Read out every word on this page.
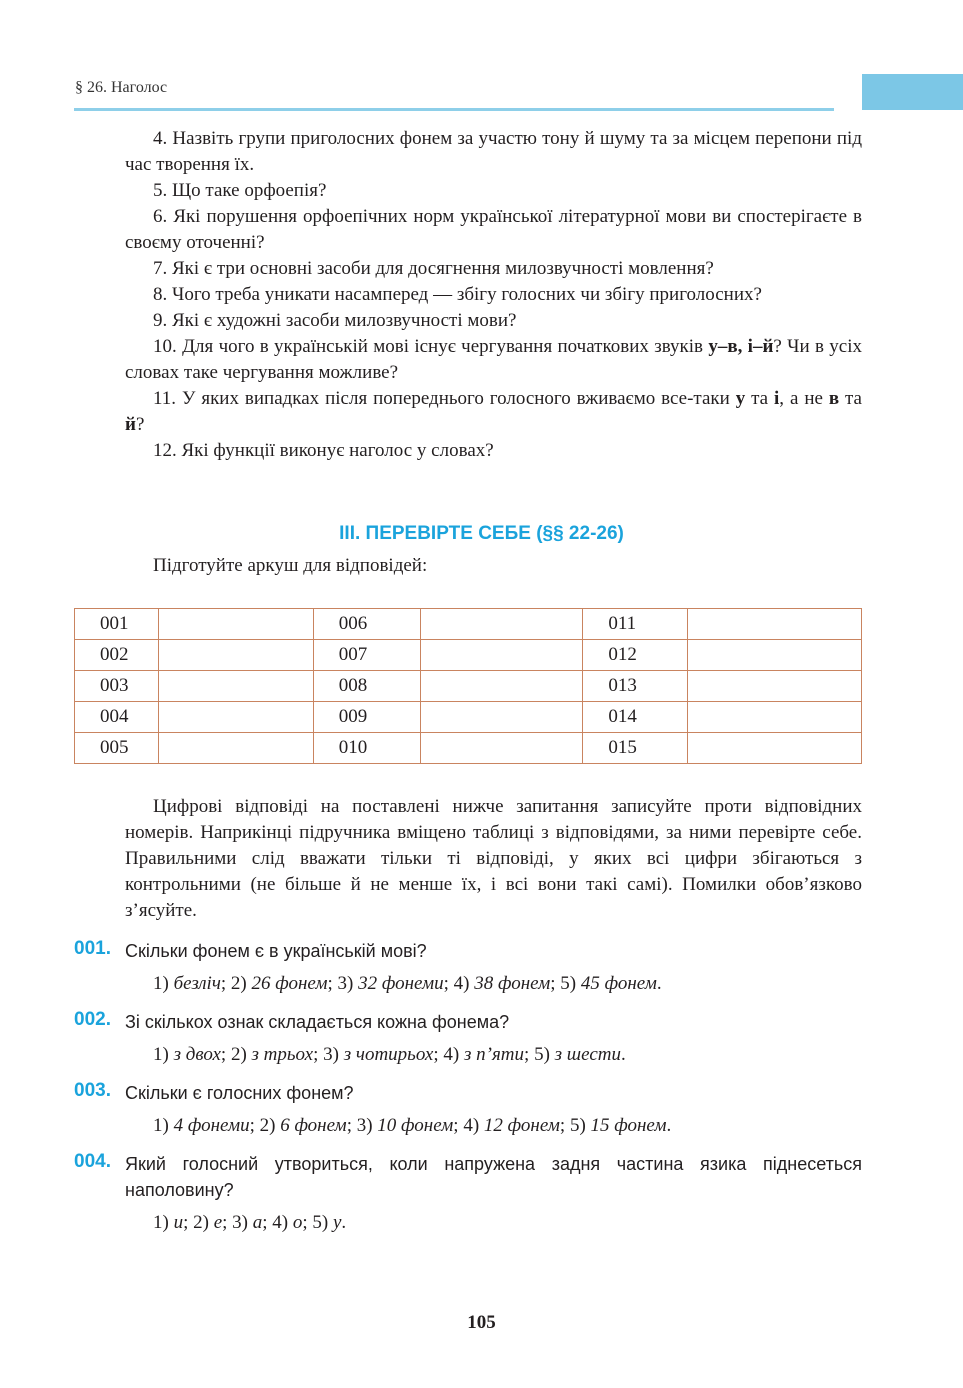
§ 26. Наголос

4. Назвіть групи приголосних фонем за участю тону й шуму та за місцем перепони під час творення їх.

5. Що таке орфоепія?

6. Які порушення орфоепічних норм української літературної мови ви спостерігаєте в своєму оточенні?

7. Які є три основні засоби для досягнення милозвучності мовлення?

8. Чого треба уникати насамперед — збігу голосних чи збігу приголосних?

9. Які є художні засоби милозвучності мови?

10. Для чого в українській мові існує чергування початкових звуків у–в, і–й? Чи в усіх словах таке чергування можливе?

11. У яких випадках після попереднього голосного вживаємо все-таки у та і, а не в та й?

12. Які функції виконує наголос у словах?

ІІІ. ПЕРЕВІРТЕ СЕБЕ (§§ 22-26)
Підготуйте аркуш для відповідей:
001		006		011	
002		007		012	
003		008		013	
004		009		014	
005		010		015	

Цифрові відповіді на поставлені нижче запитання записуйте проти відповідних номерів. Наприкінці підручника вміщено таблиці з відповідями, за ними перевірте себе. Правильними слід вважати тільки ті відповіді, у яких всі цифри збігаються з контрольними (не більше й не менше їх, і всі вони такі самі). Помилки обов’язково з’ясуйте.

001. Скільки фонем є в українській мові?
1) безліч; 2) 26 фонем; 3) 32 фонеми; 4) 38 фонем; 5) 45 фонем.
002. Зі скількох ознак складається кожна фонема?
1) з двох; 2) з трьох; 3) з чотирьох; 4) з п’яти; 5) з шести.
003. Скільки є голосних фонем?
1) 4 фонеми; 2) 6 фонем; 3) 10 фонем; 4) 12 фонем; 5) 15 фонем.
004. Який голосний утвориться, коли напружена задня частина язика піднесеться наполовину?
1) и; 2) е; 3) а; 4) о; 5) у.
105
